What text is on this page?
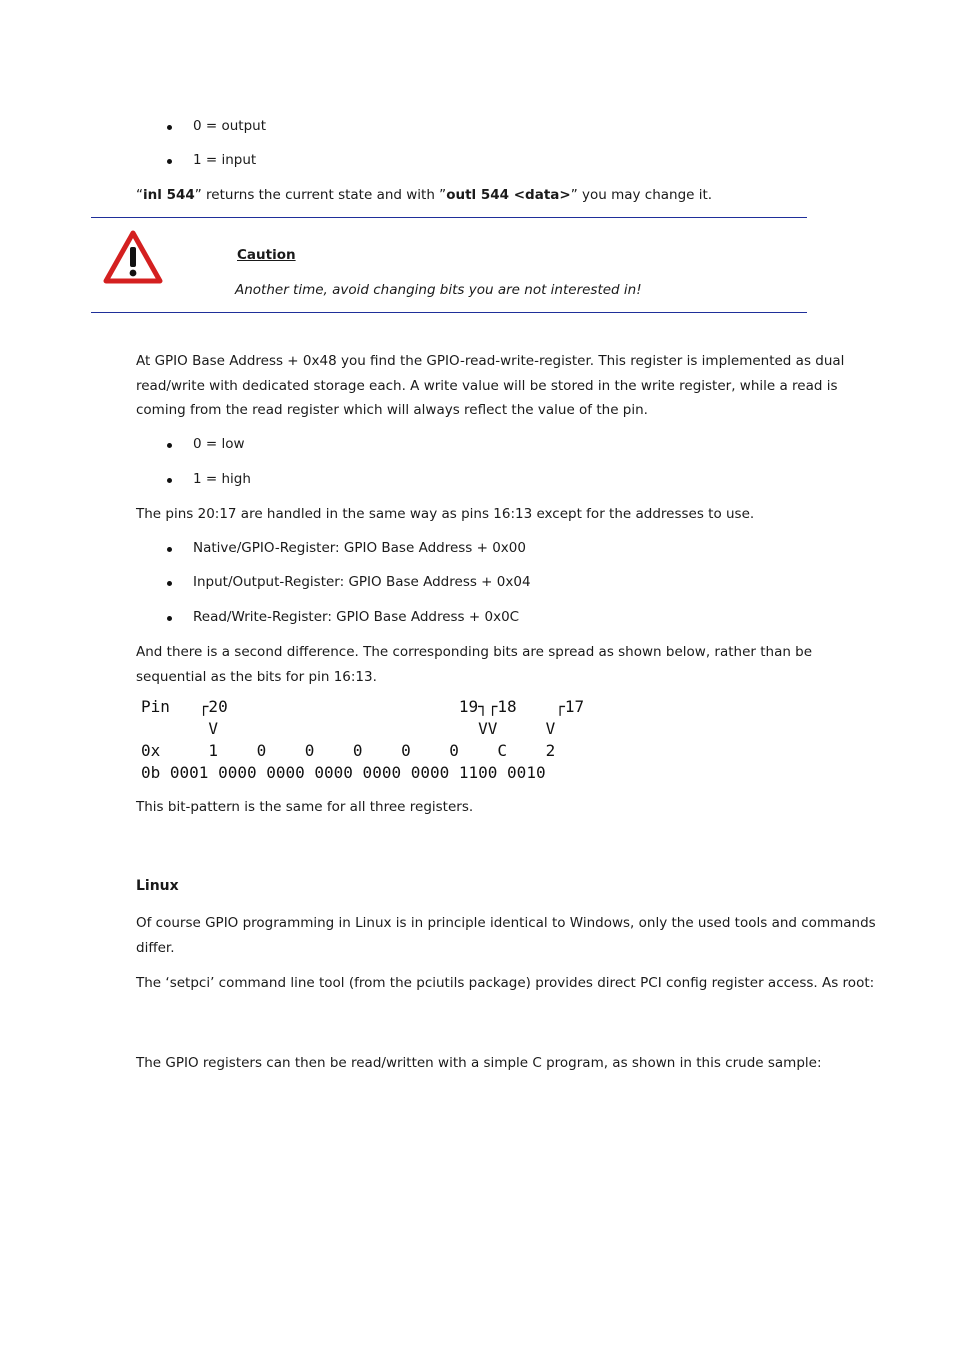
0 = output
1 = input
“inl 544” returns the current state and with ”outl 544 <data>” you may change it.
Caution
Another time, avoid changing bits you are not interested in!
At GPIO Base Address + 0x48 you find the GPIO-read-write-register. This register is implemented as dual read/write with dedicated storage each. A write value will be stored in the write register, while a read is coming from the read register which will always reflect the value of the pin.
0 = low
1 = high
The pins 20:17 are handled in the same way as pins 16:13 except for the addresses to use.
Native/GPIO-Register: GPIO Base Address + 0x00
Input/Output-Register: GPIO Base Address + 0x04
Read/Write-Register: GPIO Base Address + 0x0C
And there is a second difference. The corresponding bits are spread as shown below, rather than be sequential as the bits for pin 16:13.
Pin   ┌20                        19┐┌18    ┌17
V                           VV     V
0x     1    0    0    0    0    0    C    2
0b 0001 0000 0000 0000 0000 0000 1100 0010
This bit-pattern is the same for all three registers.
Linux
Of course GPIO programming in Linux is in principle identical to Windows, only the used tools and commands differ.
The ‘setpci’ command line tool (from the pciutils package) provides direct PCI config register access. As root:
The GPIO registers can then be read/written with a simple C program, as shown in this crude sample:
